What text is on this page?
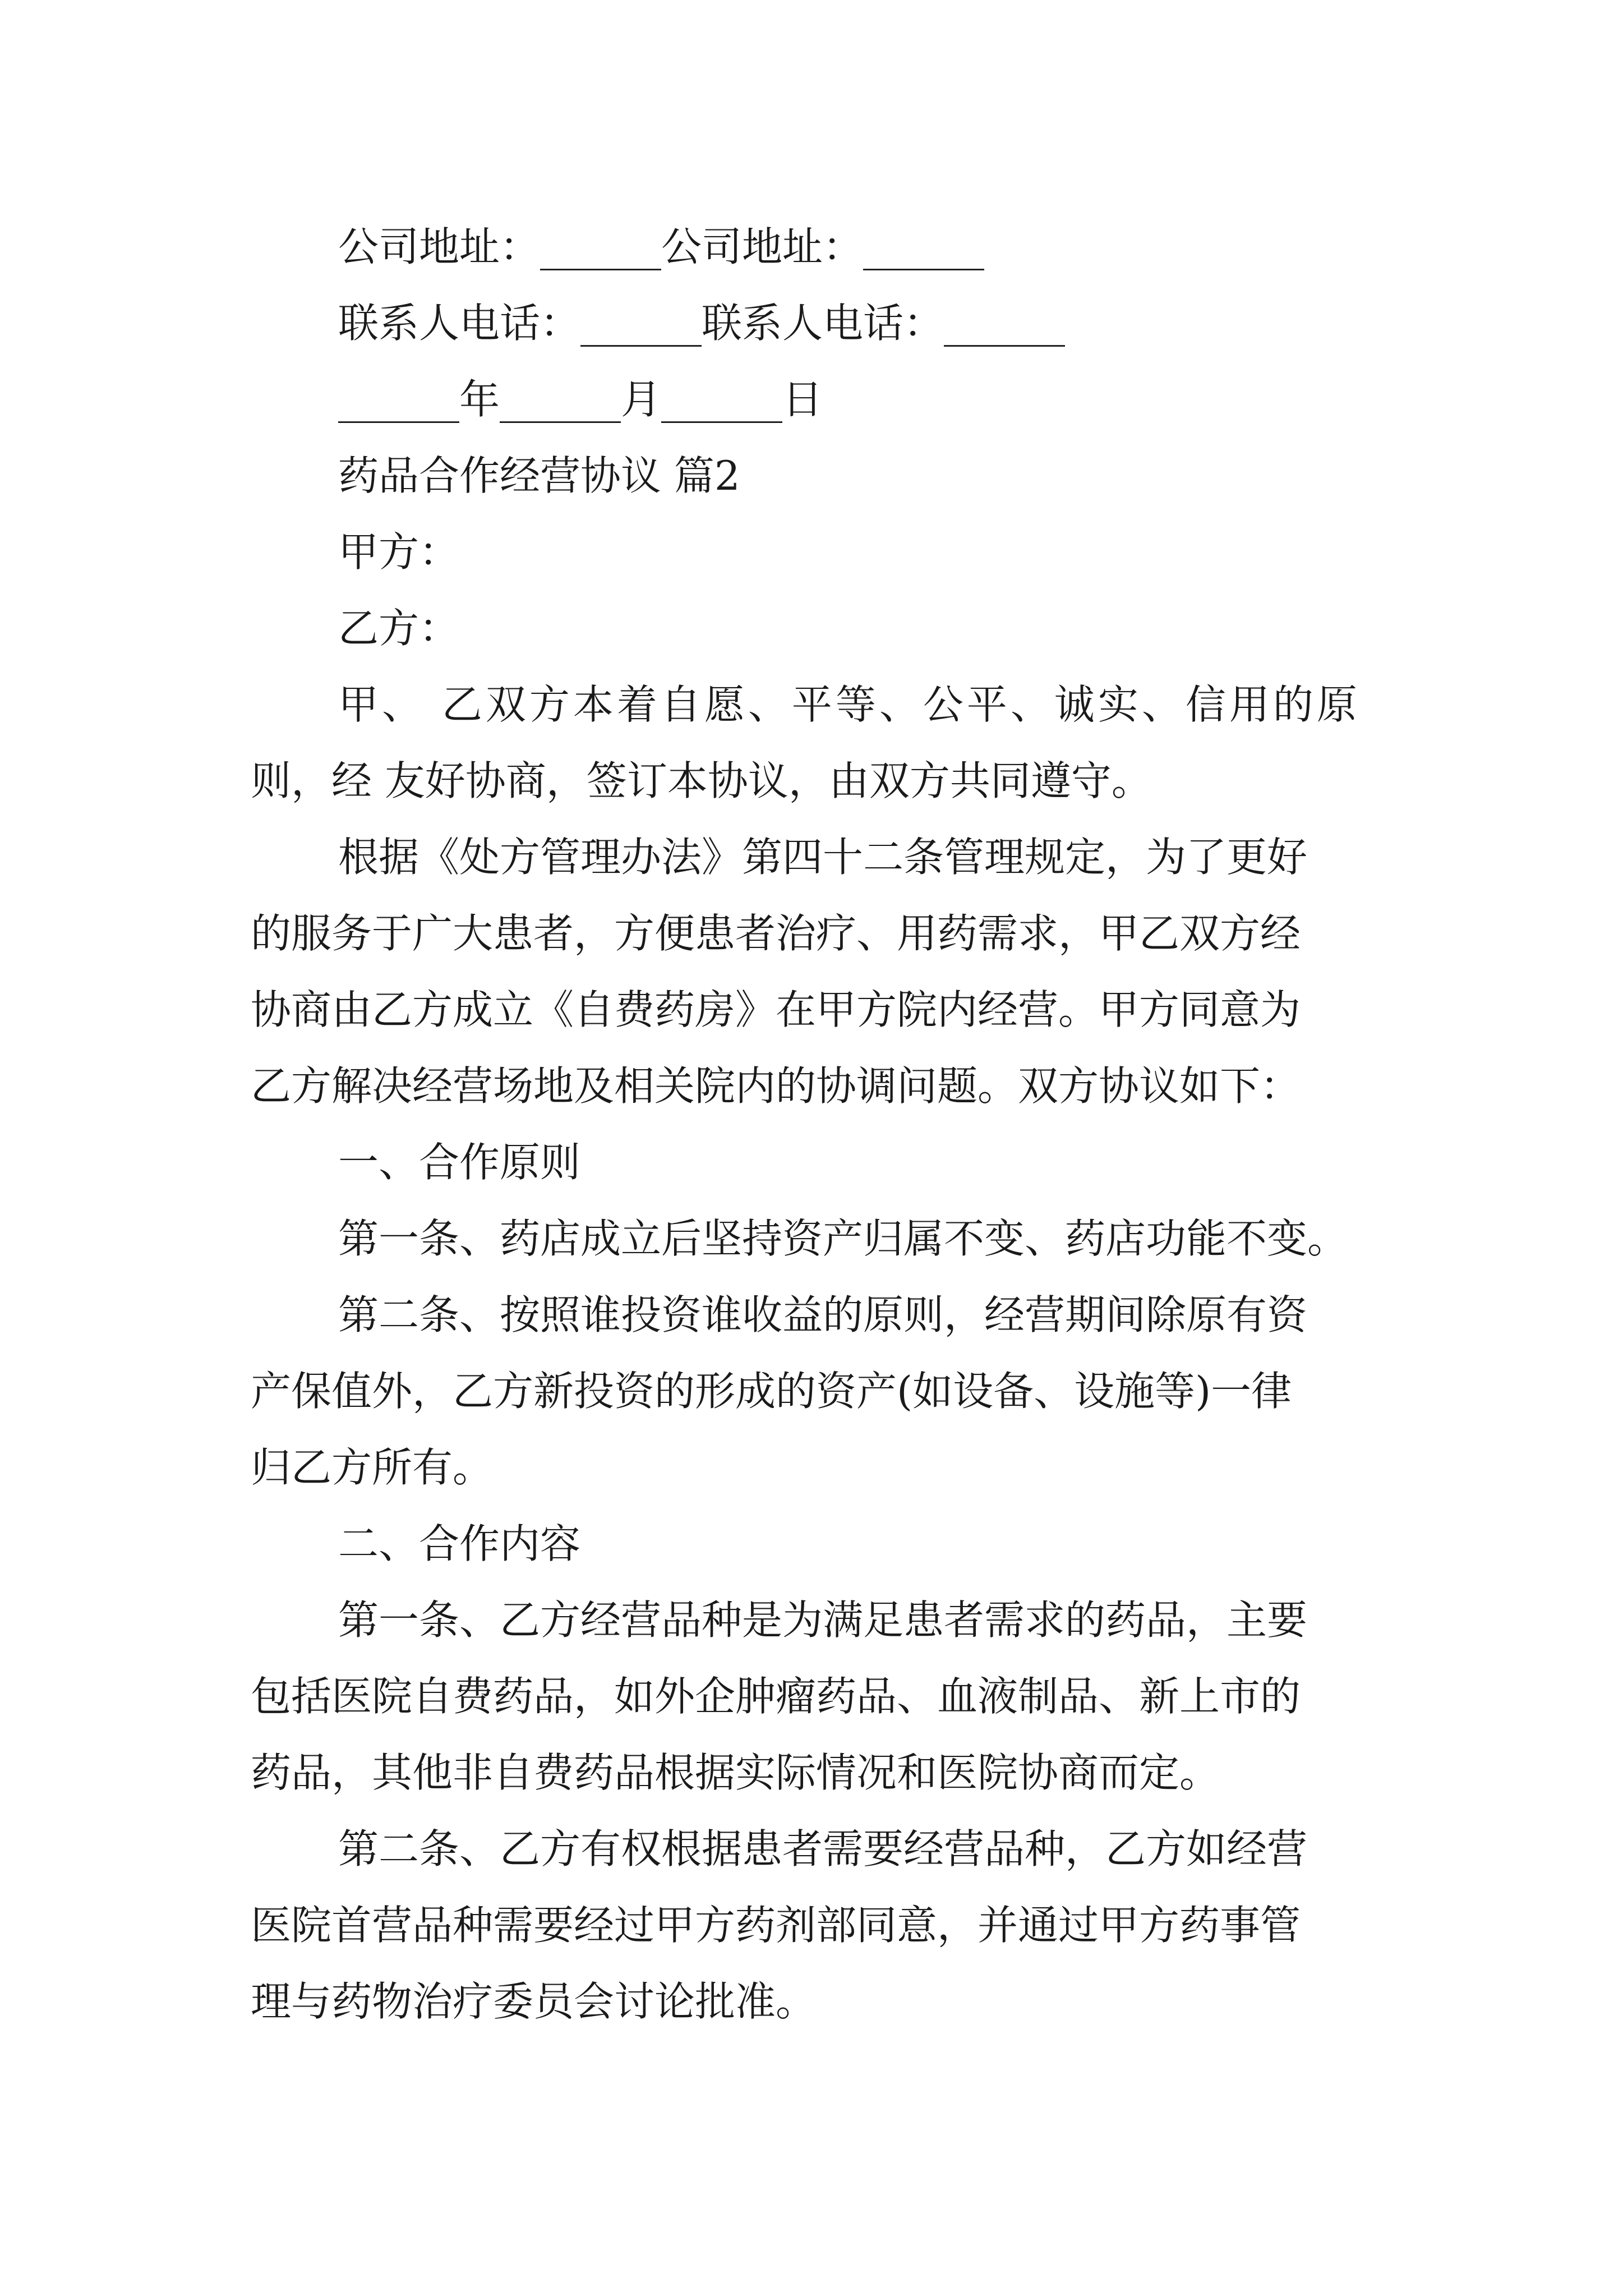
公司地址：______公司地址：______
联系人电话：______联系人电话：______
______年______月______日
药品合作经营协议 篇2
甲方：
乙方：
甲、 乙双方本着自愿、平等、公平、诚实、信用的原
则，经 友好协商，签订本协议，由双方共同遵守。
根据《处方管理办法》第四十二条管理规定，为了更好
的服务于广大患者，方便患者治疗、用药需求，甲乙双方经
协商由乙方成立《自费药房》在甲方院内经营。甲方同意为
乙方解决经营场地及相关院内的协调问题。双方协议如下：
一、合作原则
第一条、药店成立后坚持资产归属不变、药店功能不变。
第二条、按照谁投资谁收益的原则，经营期间除原有资
产保值外，乙方新投资的形成的资产(如设备、设施等)一律
归乙方所有。
二、合作内容
第一条、乙方经营品种是为满足患者需求的药品，主要
包括医院自费药品，如外企肿瘤药品、血液制品、新上市的
药品，其他非自费药品根据实际情况和医院协商而定。
第二条、乙方有权根据患者需要经营品种，乙方如经营
医院首营品种需要经过甲方药剂部同意，并通过甲方药事管
理与药物治疗委员会讨论批准。
